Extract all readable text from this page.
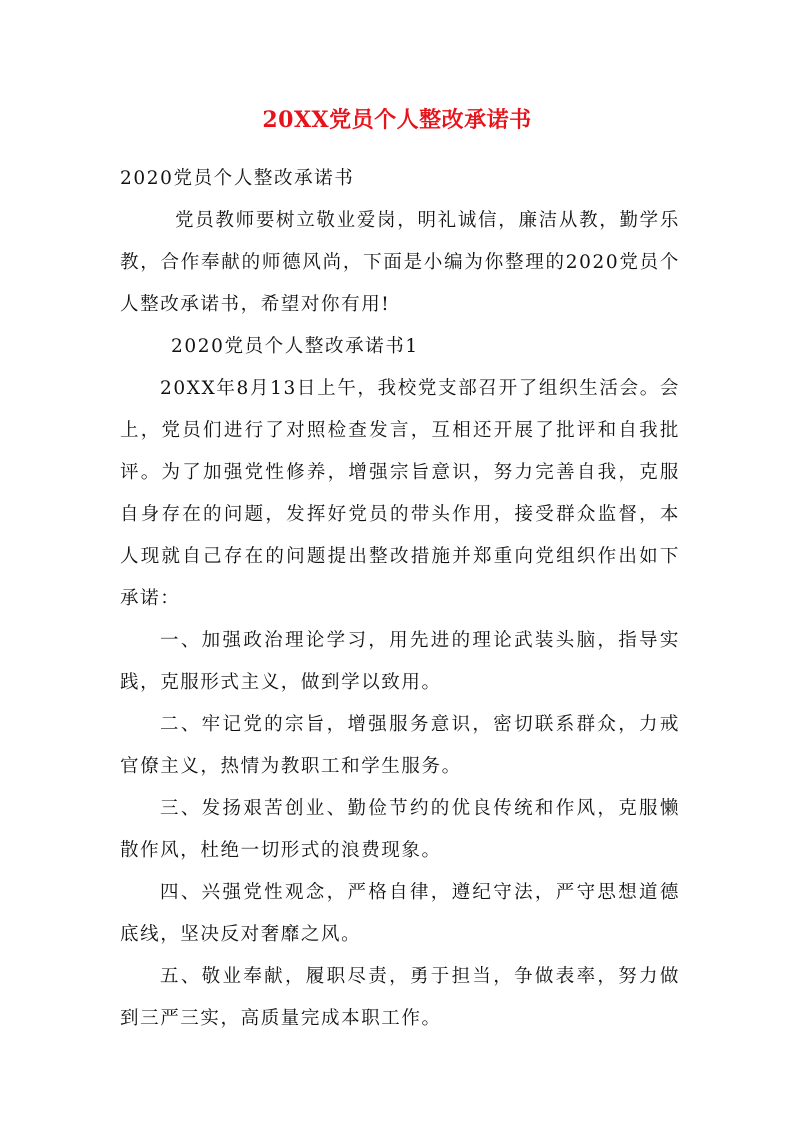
20XX党员个人整改承诺书

2020党员个人整改承诺书

党员教师要树立敬业爱岗，明礼诚信，廉洁从教，勤学乐教，合作奉献的师德风尚，下面是小编为你整理的2020党员个人整改承诺书，希望对你有用!

2020党员个人整改承诺书1

20XX年8月13日上午，我校党支部召开了组织生活会。会上，党员们进行了对照检查发言，互相还开展了批评和自我批评。为了加强党性修养，增强宗旨意识，努力完善自我，克服自身存在的问题，发挥好党员的带头作用，接受群众监督，本人现就自己存在的问题提出整改措施并郑重向党组织作出如下承诺：

一、加强政治理论学习，用先进的理论武装头脑，指导实践，克服形式主义，做到学以致用。

二、牢记党的宗旨，增强服务意识，密切联系群众，力戒官僚主义，热情为教职工和学生服务。

三、发扬艰苦创业、勤俭节约的优良传统和作风，克服懒散作风，杜绝一切形式的浪费现象。

四、兴强党性观念，严格自律，遵纪守法，严守思想道德底线，坚决反对奢靡之风。

五、敬业奉献，履职尽责，勇于担当，争做表率，努力做到三严三实，高质量完成本职工作。
